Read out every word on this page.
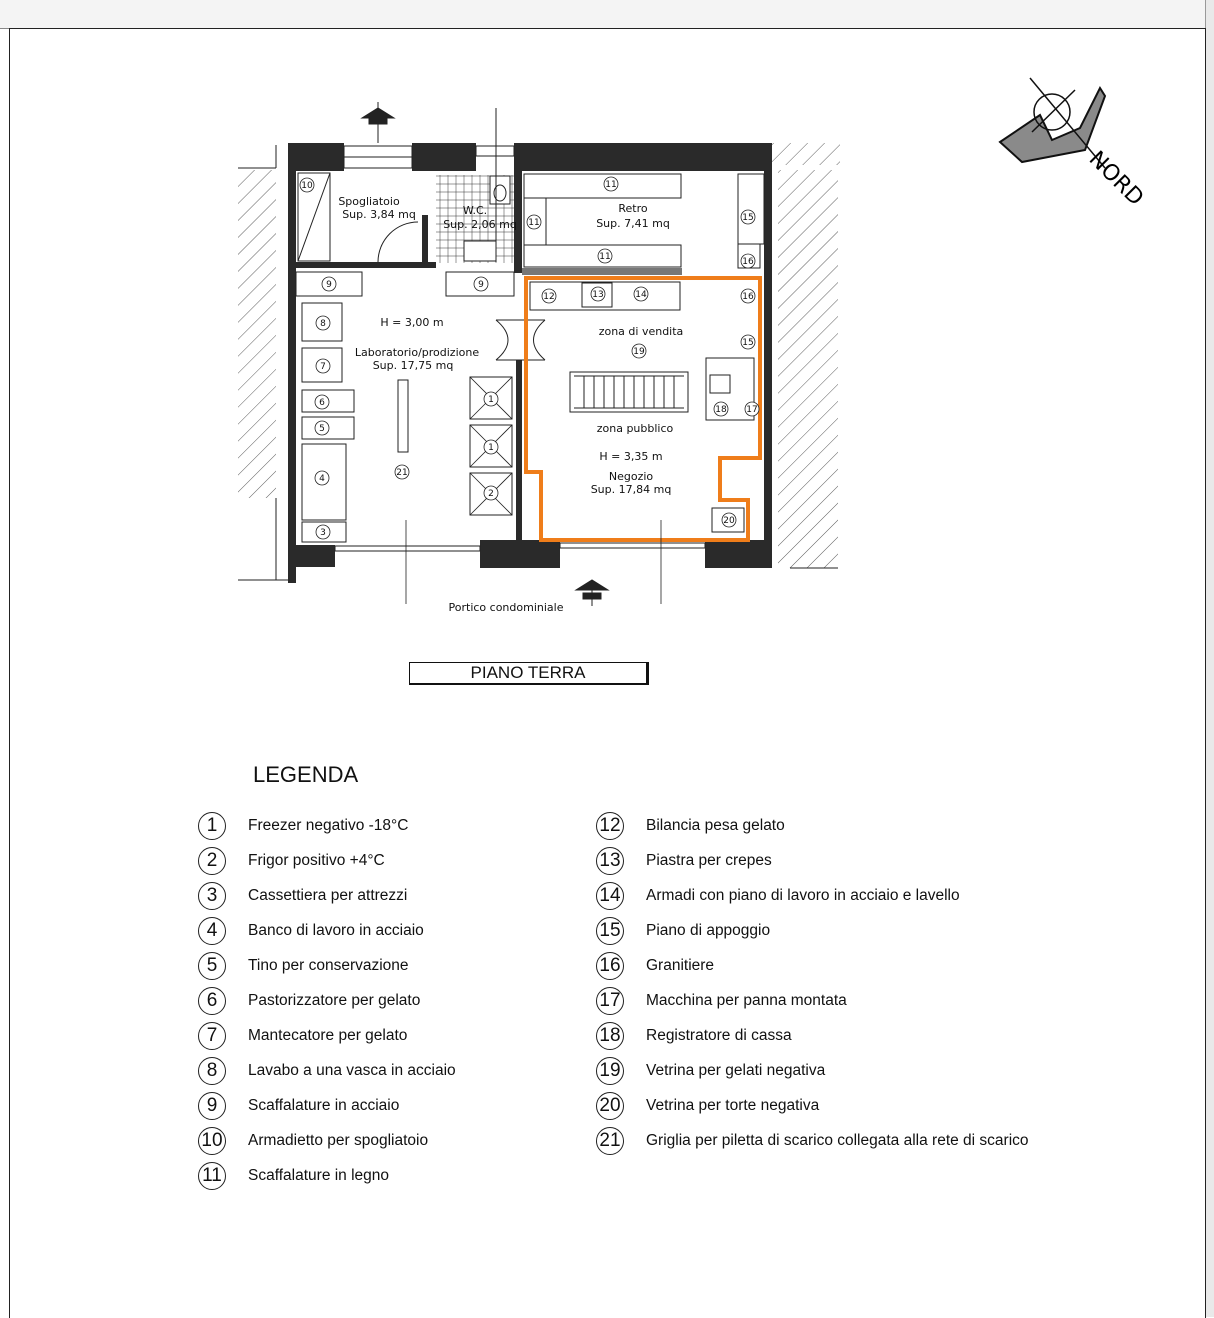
Spogliatoio
Sup. 3,84 mq	W.C.
Sup. 2,06 mq
Retro
Sup. 7,41 mq
H = 3,00 m
Laboratorio/prodizione
Sup. 17,75 mq
zona di vendita
zona pubblico
H = 3,35 m
Negozio
Sup. 17,84 mq
Portico condominiale
10
9	9
8
7
6
5
4
3
1
1
2
21
11
11
11
15
16
16
15
12	13	14
19
18 17
20
NORD
PIANO TERRA
LEGENDA
1	Freezer negativo -18°C
2	Frigor positivo +4°C
3	Cassettiera per attrezzi
4	Banco di lavoro in acciaio
5	Tino per conservazione
6	Pastorizzatore per gelato
7	Mantecatore per gelato
8	Lavabo a una vasca in acciaio
9	Scaffalature in acciaio
10 Armadietto per spogliatoio
11 Scaffalature in legno
12 Bilancia pesa gelato
13 Piastra per crepes
14 Armadi con piano di lavoro in acciaio e lavello
15 Piano di appoggio
16 Granitiere
17 Macchina per panna montata
18 Registratore di cassa
19 Vetrina per gelati negativa
20 Vetrina per torte negativa
21 Griglia per piletta di scarico collegata alla rete di scarico
